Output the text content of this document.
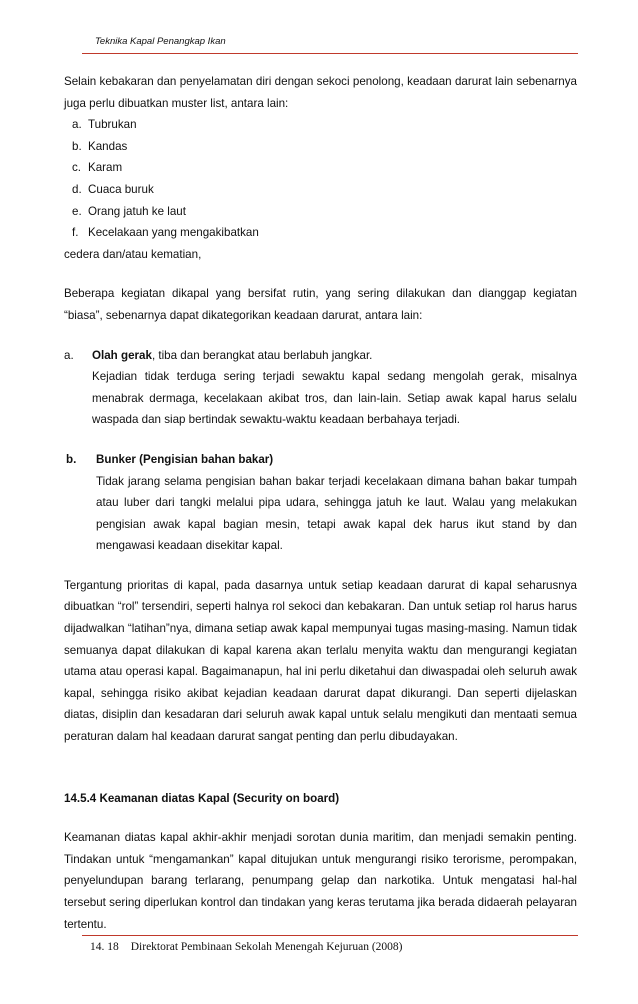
Teknika Kapal Penangkap Ikan

Selain kebakaran dan penyelamatan diri dengan sekoci penolong, keadaan darurat lain sebenarnya juga perlu dibuatkan muster list, antara lain:

a. Tubrukan
b. Kandas
c. Karam
d. Cuaca buruk
e. Orang jatuh ke laut
f. Kecelakaan yang mengakibatkan
cedera dan/atau kematian,

Beberapa kegiatan dikapal yang bersifat rutin, yang sering dilakukan dan dianggap kegiatan “biasa”, sebenarnya dapat dikategorikan keadaan darurat, antara lain:

a. Olah gerak, tiba dan berangkat atau berlabuh jangkar.

Kejadian tidak terduga sering terjadi sewaktu kapal sedang mengolah gerak, misalnya menabrak dermaga, kecelakaan akibat tros, dan lain-lain. Setiap awak kapal harus selalu waspada dan siap bertindak sewaktu-waktu keadaan berbahaya terjadi.

b. Bunker (Pengisian bahan bakar)

Tidak jarang selama pengisian bahan bakar terjadi kecelakaan dimana bahan bakar tumpah atau luber dari tangki melalui pipa udara, sehingga jatuh ke laut. Walau yang melakukan pengisian awak kapal bagian mesin, tetapi awak kapal dek harus ikut stand by dan mengawasi keadaan disekitar kapal.

Tergantung prioritas di kapal, pada dasarnya untuk setiap keadaan darurat di kapal seharusnya dibuatkan “rol” tersendiri, seperti halnya rol sekoci dan kebakaran. Dan untuk setiap rol harus harus dijadwalkan “latihan”nya, dimana setiap awak kapal mempunyai tugas masing-masing. Namun tidak semuanya dapat dilakukan di kapal karena akan terlalu menyita waktu dan mengurangi kegiatan utama atau operasi kapal. Bagaimanapun, hal ini perlu diketahui dan diwaspadai oleh seluruh awak kapal, sehingga risiko akibat kejadian keadaan darurat dapat dikurangi. Dan seperti dijelaskan diatas, disiplin dan kesadaran dari seluruh awak kapal untuk selalu mengikuti dan mentaati semua peraturan dalam hal keadaan darurat sangat penting dan perlu dibudayakan.

14.5.4 Keamanan diatas Kapal (Security on board)

Keamanan diatas kapal akhir-akhir menjadi sorotan dunia maritim, dan menjadi semakin penting. Tindakan untuk “mengamankan” kapal ditujukan untuk mengurangi risiko terorisme, perompakan, penyelundupan barang terlarang, penumpang gelap dan narkotika. Untuk mengatasi hal-hal tersebut sering diperlukan kontrol dan tindakan yang keras terutama jika berada didaerah pelayaran tertentu.

14. 18 Direktorat Pembinaan Sekolah Menengah Kejuruan (2008)
